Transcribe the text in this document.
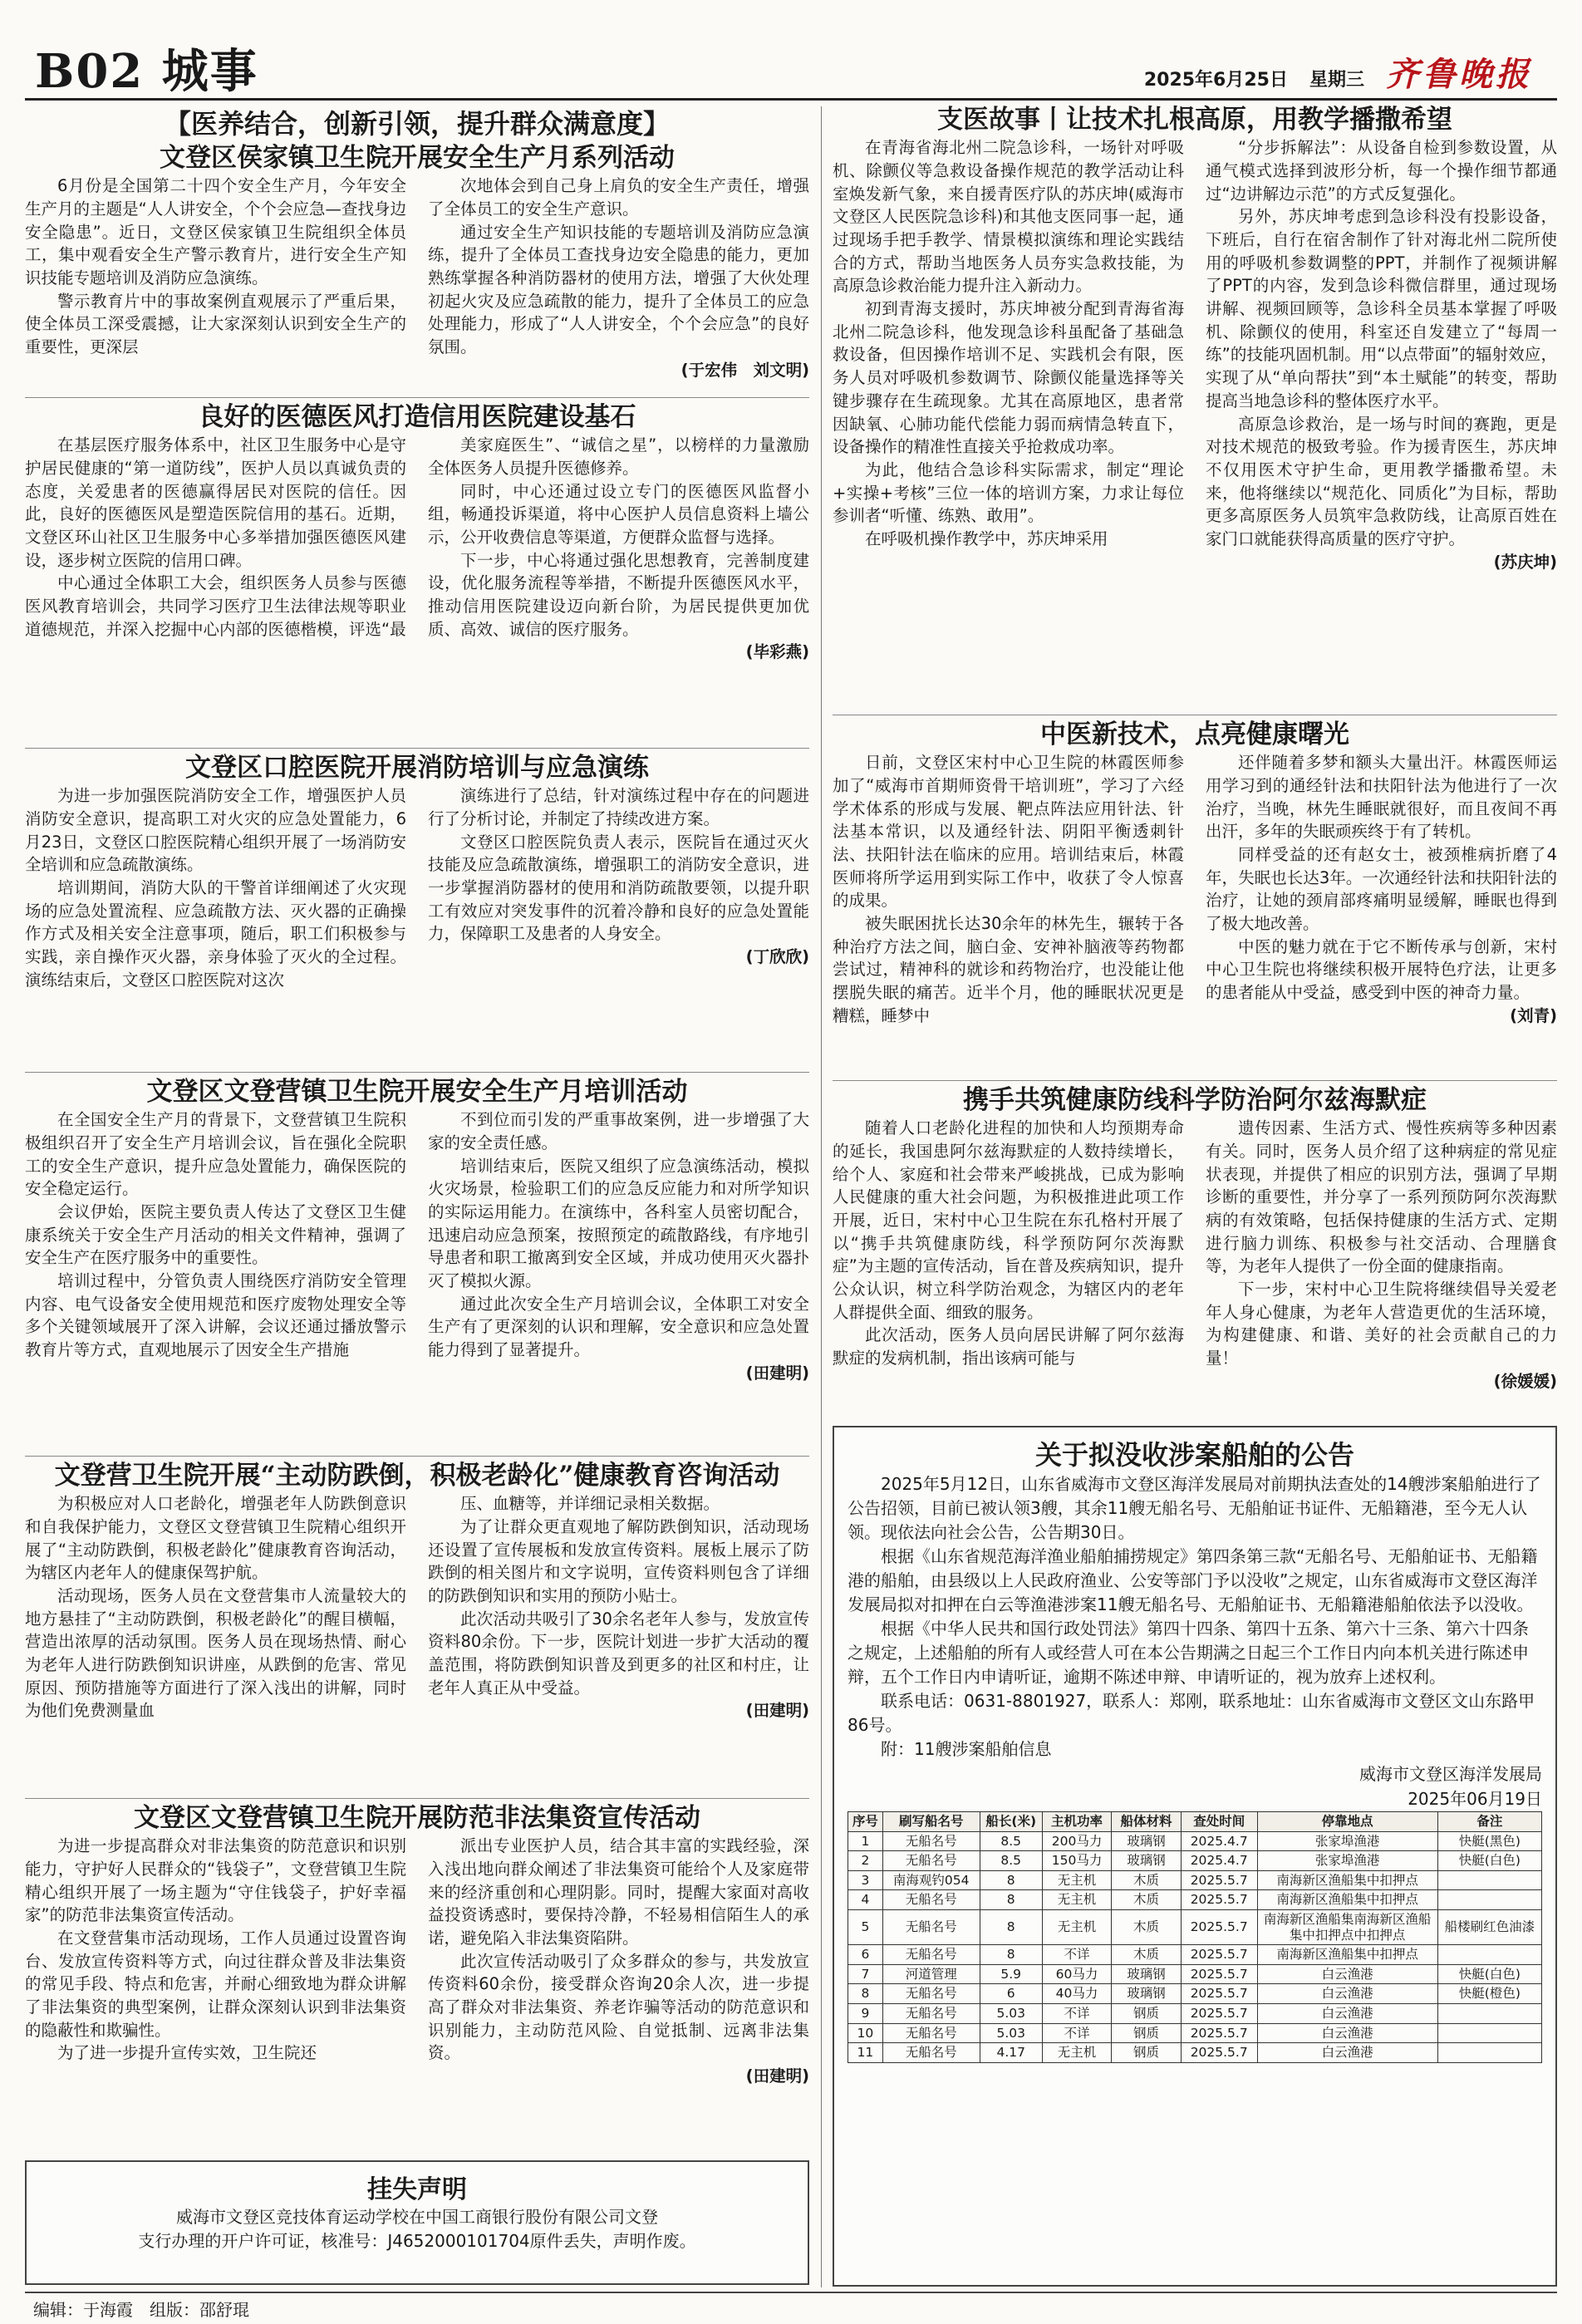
B02 城事	2025年6月25日 星期三 齐鲁晚报
【医养结合，创新引领，提升群众满意度】
文登区侯家镇卫生院开展安全生产月系列活动

6月份是全国第二十四个安全生产月，今年安全生产月的主题是“人人讲安全，个个会应急—查找身边安全隐患”。近日，文登区侯家镇卫生院组织全体员工，集中观看安全生产警示教育片，进行安全生产知识技能专题培训及消防应急演练。

警示教育片中的事故案例直观展示了严重后果，使全体员工深受震撼，让大家深刻认识到安全生产的重要性，更深层

次地体会到自己身上肩负的安全生产责任，增强了全体员工的安全生产意识。

通过安全生产知识技能的专题培训及消防应急演练，提升了全体员工查找身边安全隐患的能力，更加熟练掌握各种消防器材的使用方法，增强了大伙处理初起火灾及应急疏散的能力，提升了全体员工的应急处理能力，形成了“人人讲安全，个个会应急”的良好氛围。

(于宏伟　刘文明)
良好的医德医风打造信用医院建设基石

在基层医疗服务体系中，社区卫生服务中心是守护居民健康的“第一道防线”，医护人员以真诚负责的态度，关爱患者的医德赢得居民对医院的信任。因此，良好的医德医风是塑造医院信用的基石。近期，文登区环山社区卫生服务中心多举措加强医德医风建设，逐步树立医院的信用口碑。

中心通过全体职工大会，组织医务人员参与医德医风教育培训会，共同学习医疗卫生法律法规等职业道德规范，并深入挖掘中心内部的医德楷模，评选“最

美家庭医生”、“诚信之星”，以榜样的力量激励全体医务人员提升医德修养。

同时，中心还通过设立专门的医德医风监督小组，畅通投诉渠道，将中心医护人员信息资料上墙公示，公开收费信息等渠道，方便群众监督与选择。

下一步，中心将通过强化思想教育，完善制度建设，优化服务流程等举措，不断提升医德医风水平，推动信用医院建设迈向新台阶，为居民提供更加优质、高效、诚信的医疗服务。

(毕彩燕)
文登区口腔医院开展消防培训与应急演练

为进一步加强医院消防安全工作，增强医护人员消防安全意识，提高职工对火灾的应急处置能力，6月23日，文登区口腔医院精心组织开展了一场消防安全培训和应急疏散演练。

培训期间，消防大队的干警首详细阐述了火灾现场的应急处置流程、应急疏散方法、灭火器的正确操作方式及相关安全注意事项，随后，职工们积极参与实践，亲自操作灭火器，亲身体验了灭火的全过程。演练结束后，文登区口腔医院对这次

演练进行了总结，针对演练过程中存在的问题进行了分析讨论，并制定了持续改进方案。

文登区口腔医院负责人表示，医院旨在通过灭火技能及应急疏散演练，增强职工的消防安全意识，进一步掌握消防器材的使用和消防疏散要领，以提升职工有效应对突发事件的沉着冷静和良好的应急处置能力，保障职工及患者的人身安全。

(丁欣欣)
文登区文登营镇卫生院开展安全生产月培训活动

在全国安全生产月的背景下，文登营镇卫生院积极组织召开了安全生产月培训会议，旨在强化全院职工的安全生产意识，提升应急处置能力，确保医院的安全稳定运行。

会议伊始，医院主要负责人传达了文登区卫生健康系统关于安全生产月活动的相关文件精神，强调了安全生产在医疗服务中的重要性。

培训过程中，分管负责人围绕医疗消防安全管理内容、电气设备安全使用规范和医疗废物处理安全等多个关键领域展开了深入讲解，会议还通过播放警示教育片等方式，直观地展示了因安全生产措施

不到位而引发的严重事故案例，进一步增强了大家的安全责任感。

培训结束后，医院又组织了应急演练活动，模拟火灾场景，检验职工们的应急反应能力和对所学知识的实际运用能力。在演练中，各科室人员密切配合，迅速启动应急预案，按照预定的疏散路线，有序地引导患者和职工撤离到安全区域，并成功使用灭火器扑灭了模拟火源。

通过此次安全生产月培训会议，全体职工对安全生产有了更深刻的认识和理解，安全意识和应急处置能力得到了显著提升。

(田建明)
文登营卫生院开展“主动防跌倒，积极老龄化”健康教育咨询活动

为积极应对人口老龄化，增强老年人防跌倒意识和自我保护能力，文登区文登营镇卫生院精心组织开展了“主动防跌倒，积极老龄化”健康教育咨询活动，为辖区内老年人的健康保驾护航。

活动现场，医务人员在文登营集市人流量较大的地方悬挂了“主动防跌倒，积极老龄化”的醒目横幅，营造出浓厚的活动氛围。医务人员在现场热情、耐心为老年人进行防跌倒知识讲座，从跌倒的危害、常见原因、预防措施等方面进行了深入浅出的讲解，同时为他们免费测量血

压、血糖等，并详细记录相关数据。

为了让群众更直观地了解防跌倒知识，活动现场还设置了宣传展板和发放宣传资料。展板上展示了防跌倒的相关图片和文字说明，宣传资料则包含了详细的防跌倒知识和实用的预防小贴士。

此次活动共吸引了30余名老年人参与，发放宣传资料80余份。下一步，医院计划进一步扩大活动的覆盖范围，将防跌倒知识普及到更多的社区和村庄，让老年人真正从中受益。

(田建明)
文登区文登营镇卫生院开展防范非法集资宣传活动

为进一步提高群众对非法集资的防范意识和识别能力，守护好人民群众的“钱袋子”，文登营镇卫生院精心组织开展了一场主题为“守住钱袋子，护好幸福家”的防范非法集资宣传活动。

在文登营集市活动现场，工作人员通过设置咨询台、发放宣传资料等方式，向过往群众普及非法集资的常见手段、特点和危害，并耐心细致地为群众讲解了非法集资的典型案例，让群众深刻认识到非法集资的隐蔽性和欺骗性。

为了进一步提升宣传实效，卫生院还

派出专业医护人员，结合其丰富的实践经验，深入浅出地向群众阐述了非法集资可能给个人及家庭带来的经济重创和心理阴影。同时，提醒大家面对高收益投资诱惑时，要保持冷静，不轻易相信陌生人的承诺，避免陷入非法集资陷阱。

此次宣传活动吸引了众多群众的参与，共发放宣传资料60余份，接受群众咨询20余人次，进一步提高了群众对非法集资、养老诈骗等活动的防范意识和识别能力，主动防范风险、自觉抵制、远离非法集资。

(田建明)
挂失声明
威海市文登区竞技体育运动学校在中国工商银行股份有限公司文登
支行办理的开户许可证，核准号：J4652000101704原件丢失，声明作废。
支医故事丨让技术扎根高原，用教学播撒希望

在青海省海北州二院急诊科，一场针对呼吸机、除颤仪等急救设备操作规范的教学活动让科室焕发新气象，来自援青医疗队的苏庆坤(威海市文登区人民医院急诊科)和其他支医同事一起，通过现场手把手教学、情景模拟演练和理论实践结合的方式，帮助当地医务人员夯实急救技能，为高原急诊救治能力提升注入新动力。

初到青海支援时，苏庆坤被分配到青海省海北州二院急诊科，他发现急诊科虽配备了基础急救设备，但因操作培训不足、实践机会有限，医务人员对呼吸机参数调节、除颤仪能量选择等关键步骤存在生疏现象。尤其在高原地区，患者常因缺氧、心肺功能代偿能力弱而病情急转直下，设备操作的精准性直接关乎抢救成功率。

为此，他结合急诊科实际需求，制定“理论+实操+考核”三位一体的培训方案，力求让每位参训者“听懂、练熟、敢用”。

在呼吸机操作教学中，苏庆坤采用

“分步拆解法”：从设备自检到参数设置，从通气模式选择到波形分析，每一个操作细节都通过“边讲解边示范”的方式反复强化。

另外，苏庆坤考虑到急诊科没有投影设备，下班后，自行在宿舍制作了针对海北州二院所使用的呼吸机参数调整的PPT，并制作了视频讲解了PPT的内容，发到急诊科微信群里，通过现场讲解、视频回顾等，急诊科全员基本掌握了呼吸机、除颤仪的使用，科室还自发建立了“每周一练”的技能巩固机制。用“以点带面”的辐射效应，实现了从“单向帮扶”到“本土赋能”的转变，帮助提高当地急诊科的整体医疗水平。

高原急诊救治，是一场与时间的赛跑，更是对技术规范的极致考验。作为援青医生，苏庆坤不仅用医术守护生命，更用教学播撒希望。未来，他将继续以“规范化、同质化”为目标，帮助更多高原医务人员筑牢急救防线，让高原百姓在家门口就能获得高质量的医疗守护。

(苏庆坤)
中医新技术，点亮健康曙光

日前，文登区宋村中心卫生院的林霞医师参加了“威海市首期师资骨干培训班”，学习了六经学术体系的形成与发展、靶点阵法应用针法、针法基本常识，以及通经针法、阴阳平衡透刺针法、扶阳针法在临床的应用。培训结束后，林霞医师将所学运用到实际工作中，收获了令人惊喜的成果。

被失眠困扰长达30余年的林先生，辗转于各种治疗方法之间，脑白金、安神补脑液等药物都尝试过，精神科的就诊和药物治疗，也没能让他摆脱失眠的痛苦。近半个月，他的睡眠状况更是糟糕，睡梦中

还伴随着多梦和额头大量出汗。林霞医师运用学习到的通经针法和扶阳针法为他进行了一次治疗，当晚，林先生睡眠就很好，而且夜间不再出汗，多年的失眠顽疾终于有了转机。

同样受益的还有赵女士，被颈椎病折磨了4年，失眠也长达3年。一次通经针法和扶阳针法的治疗，让她的颈肩部疼痛明显缓解，睡眠也得到了极大地改善。

中医的魅力就在于它不断传承与创新，宋村中心卫生院也将继续积极开展特色疗法，让更多的患者能从中受益，感受到中医的神奇力量。

(刘青)
携手共筑健康防线科学防治阿尔兹海默症

随着人口老龄化进程的加快和人均预期寿命的延长，我国患阿尔兹海默症的人数持续增长，给个人、家庭和社会带来严峻挑战，已成为影响人民健康的重大社会问题，为积极推进此项工作开展，近日，宋村中心卫生院在东孔格村开展了以“携手共筑健康防线，科学预防阿尔茨海默症”为主题的宣传活动，旨在普及疾病知识，提升公众认识，树立科学防治观念，为辖区内的老年人群提供全面、细致的服务。

此次活动，医务人员向居民讲解了阿尔兹海默症的发病机制，指出该病可能与

遗传因素、生活方式、慢性疾病等多种因素有关。同时，医务人员介绍了这种病症的常见症状表现，并提供了相应的识别方法，强调了早期诊断的重要性，并分享了一系列预防阿尔茨海默病的有效策略，包括保持健康的生活方式、定期进行脑力训练、积极参与社交活动、合理膳食等，为老年人提供了一份全面的健康指南。

下一步，宋村中心卫生院将继续倡导关爱老年人身心健康，为老年人营造更优的生活环境，为构建健康、和谐、美好的社会贡献自己的力量！

(徐媛媛)
关于拟没收涉案船舶的公告

2025年5月12日，山东省威海市文登区海洋发展局对前期执法查处的14艘涉案船舶进行了公告招领，目前已被认领3艘，其余11艘无船名号、无船舶证书证件、无船籍港，至今无人认领。现依法向社会公告，公告期30日。

根据《山东省规范海洋渔业船舶捕捞规定》第四条第三款“无船名号、无船舶证书、无船籍港的船舶，由县级以上人民政府渔业、公安等部门予以没收”之规定，山东省威海市文登区海洋发展局拟对扣押在白云等渔港涉案11艘无船名号、无船舶证书、无船籍港船舶依法予以没收。

根据《中华人民共和国行政处罚法》第四十四条、第四十五条、第六十三条、第六十四条之规定，上述船舶的所有人或经营人可在本公告期满之日起三个工作日内向本机关进行陈述申辩，五个工作日内申请听证，逾期不陈述申辩、申请听证的，视为放弃上述权利。

联系电话：0631-8801927，联系人：郑刚，联系地址：山东省威海市文登区文山东路甲86号。

附：11艘涉案船舶信息

威海市文登区海洋发展局
2025年06月19日
序号	刷写船名号	船长(米)	主机功率	船体材料	查处时间	停靠地点	备注
1	无船名号	8.5	200马力	玻璃钢	2025.4.7	张家埠渔港	快艇(黑色)
2	无船名号	8.5	150马力	玻璃钢	2025.4.7	张家埠渔港	快艇(白色)
3	南海观钓054	8	无主机	木质	2025.5.7	南海新区渔船集中扣押点	
4	无船名号	8	无主机	木质	2025.5.7	南海新区渔船集中扣押点	
5	无船名号	8	无主机	木质	2025.5.7	南海新区渔船集南海新区渔船集中扣押点中扣押点	船楼刷红色油漆
6	无船名号	8	不详	木质	2025.5.7	南海新区渔船集中扣押点	
7	河道管理	5.9	60马力	玻璃钢	2025.5.7	白云渔港	快艇(白色)
8	无船名号	6	40马力	玻璃钢	2025.5.7	白云渔港	快艇(橙色)
9	无船名号	5.03	不详	钢质	2025.5.7	白云渔港	
10	无船名号	5.03	不详	钢质	2025.5.7	白云渔港	
11	无船名号	4.17	无主机	钢质	2025.5.7	白云渔港	
编辑：于海霞　组版：邵舒琨
